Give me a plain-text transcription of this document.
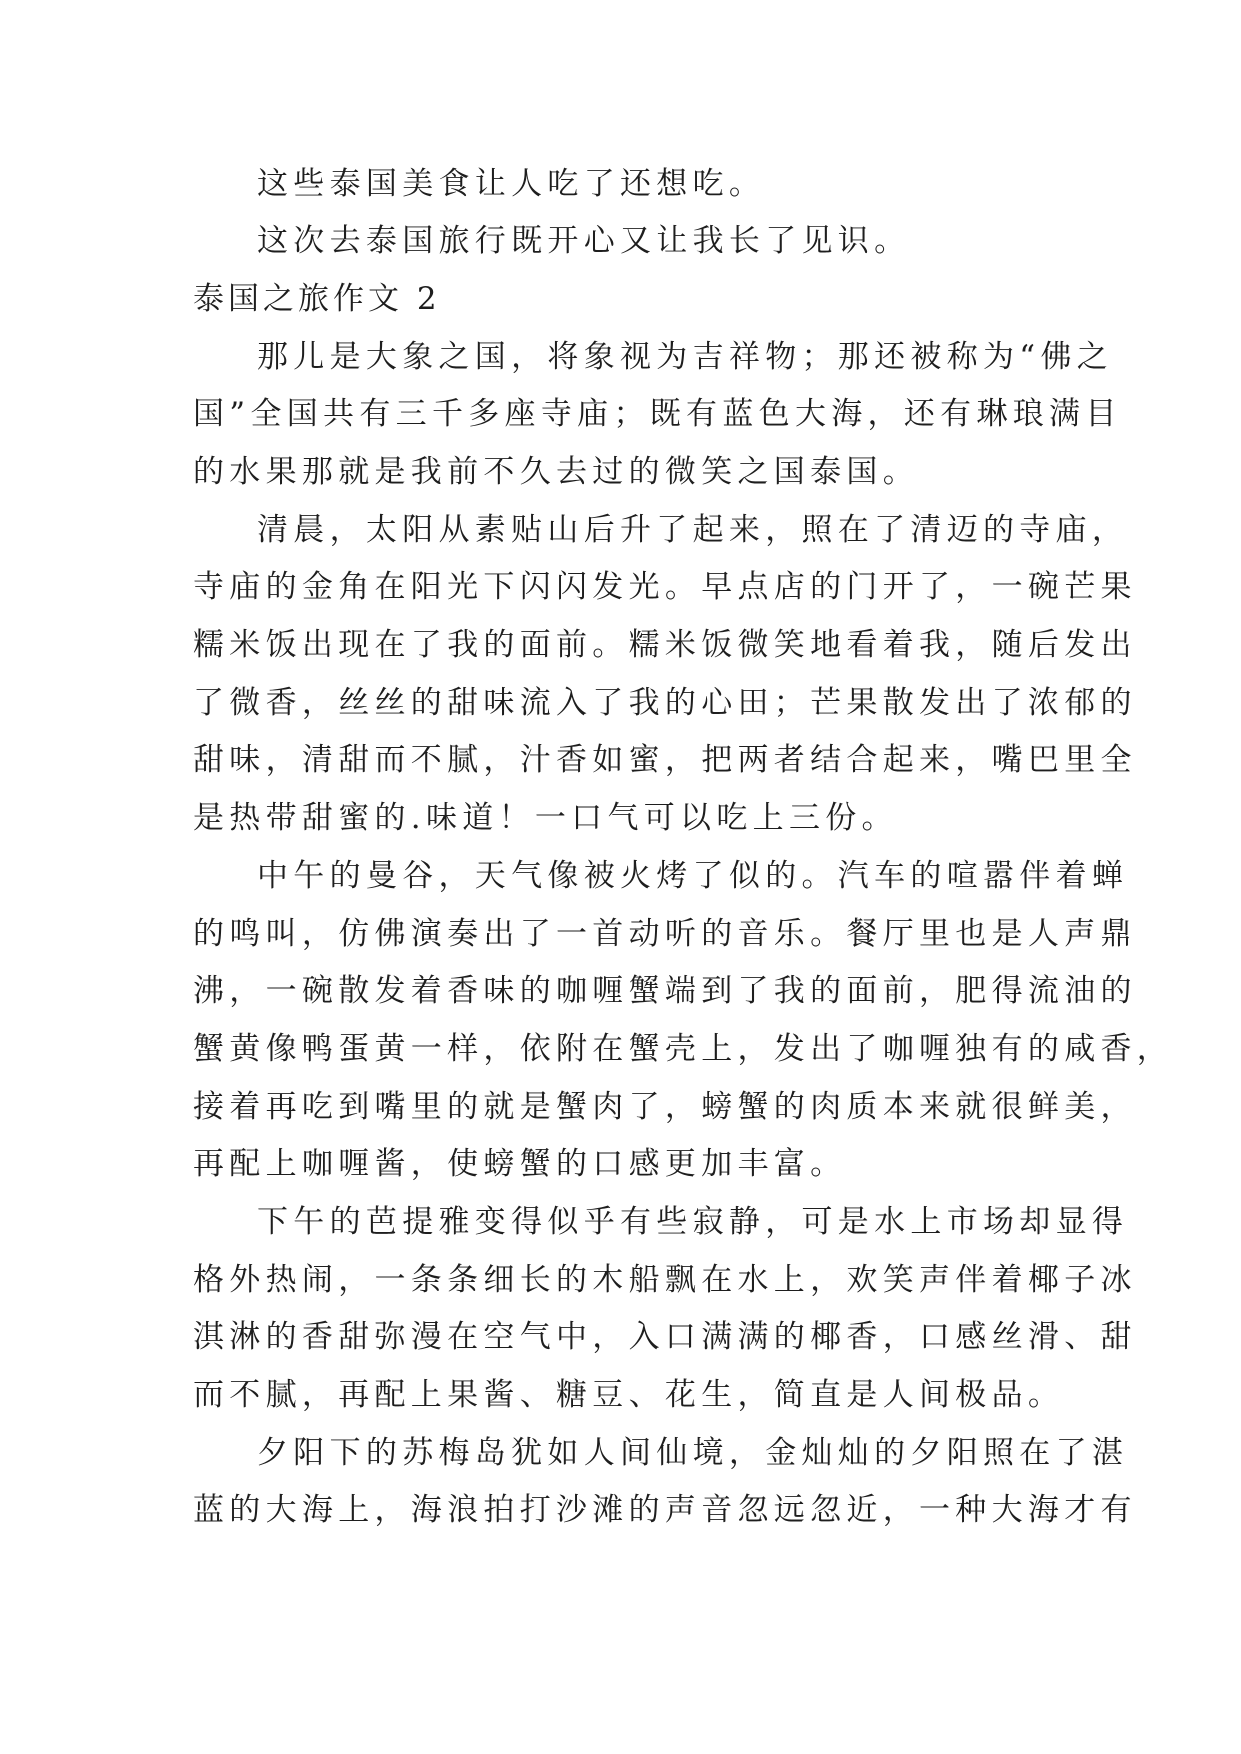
这些泰国美食让人吃了还想吃。

这次去泰国旅行既开心又让我长了见识。

泰国之旅作文 2

那儿是大象之国，将象视为吉祥物；那还被称为“佛之

国”全国共有三千多座寺庙；既有蓝色大海，还有琳琅满目

的水果那就是我前不久去过的微笑之国泰国。

清晨，太阳从素贴山后升了起来，照在了清迈的寺庙，

寺庙的金角在阳光下闪闪发光。早点店的门开了，一碗芒果

糯米饭出现在了我的面前。糯米饭微笑地看着我，随后发出

了微香，丝丝的甜味流入了我的心田；芒果散发出了浓郁的

甜味，清甜而不腻，汁香如蜜，把两者结合起来，嘴巴里全

是热带甜蜜的.味道！一口气可以吃上三份。

中午的曼谷，天气像被火烤了似的。汽车的喧嚣伴着蝉

的鸣叫，仿佛演奏出了一首动听的音乐。餐厅里也是人声鼎

沸，一碗散发着香味的咖喱蟹端到了我的面前，肥得流油的

蟹黄像鸭蛋黄一样，依附在蟹壳上，发出了咖喱独有的咸香，

接着再吃到嘴里的就是蟹肉了，螃蟹的肉质本来就很鲜美，

再配上咖喱酱，使螃蟹的口感更加丰富。

下午的芭提雅变得似乎有些寂静，可是水上市场却显得

格外热闹，一条条细长的木船飘在水上，欢笑声伴着椰子冰

淇淋的香甜弥漫在空气中，入口满满的椰香，口感丝滑、甜

而不腻，再配上果酱、糖豆、花生，简直是人间极品。

夕阳下的苏梅岛犹如人间仙境，金灿灿的夕阳照在了湛

蓝的大海上，海浪拍打沙滩的声音忽远忽近，一种大海才有
